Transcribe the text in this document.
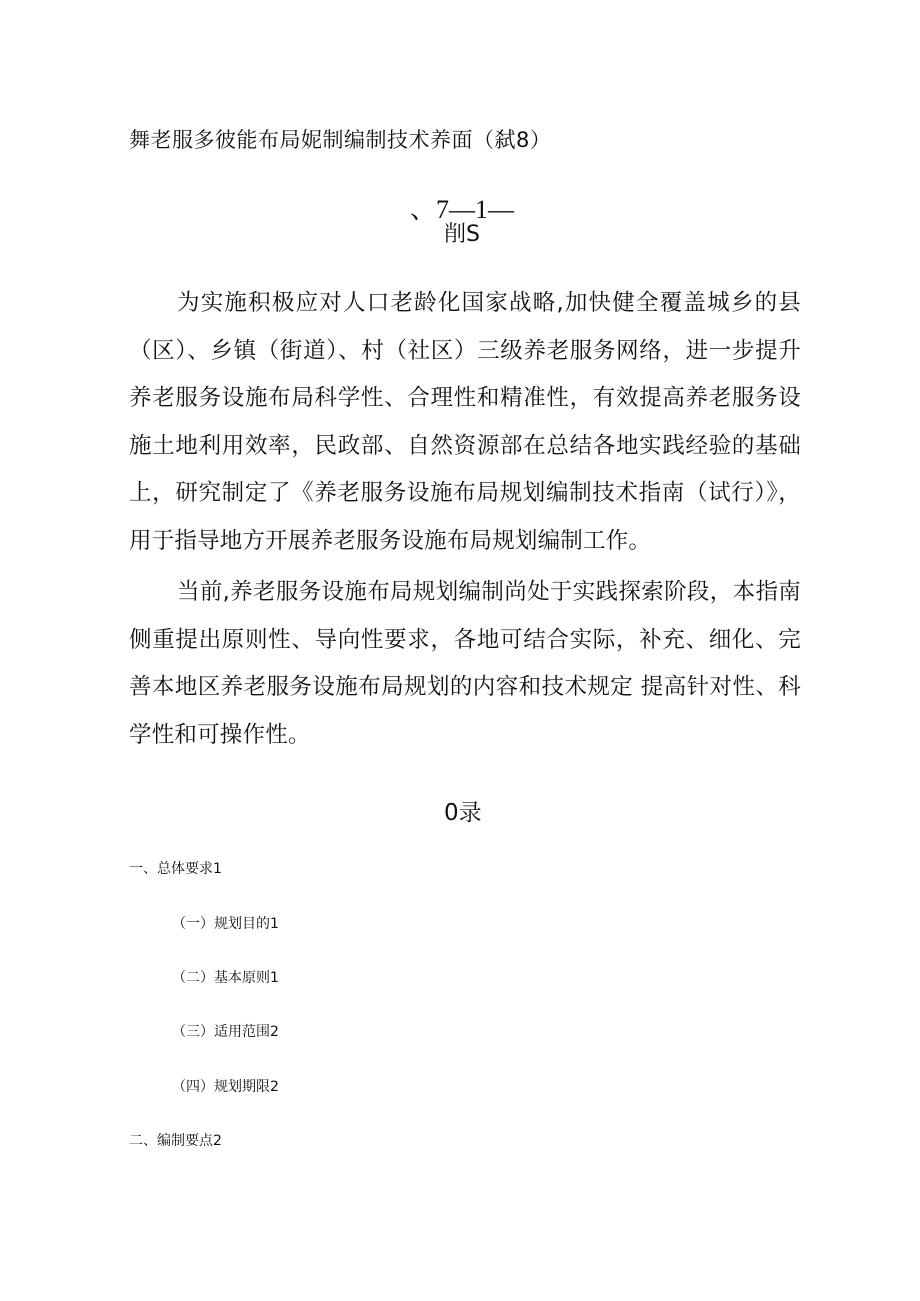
舞老服多彼能布局妮制编制技术养面（弑8）
、7—1—
削S

为实施积极应对人口老龄化国家战略,加快健全覆盖城乡的县（区）、乡镇（街道）、村（社区）三级养老服务网络，进一步提升养老服务设施布局科学性、合理性和精准性，有效提高养老服务设施土地利用效率，民政部、自然资源部在总结各地实践经验的基础上，研究制定了《养老服务设施布局规划编制技术指南（试行）》，用于指导地方开展养老服务设施布局规划编制工作。

当前,养老服务设施布局规划编制尚处于实践探索阶段，本指南侧重提出原则性、导向性要求，各地可结合实际，补充、细化、完善本地区养老服务设施布局规划的内容和技术规定 提高针对性、科学性和可操作性。

0录
一、总体要求1
（一）规划目的1
（二）基本原则1
（三）适用范围2
（四）规划期限2
二、编制要点2
